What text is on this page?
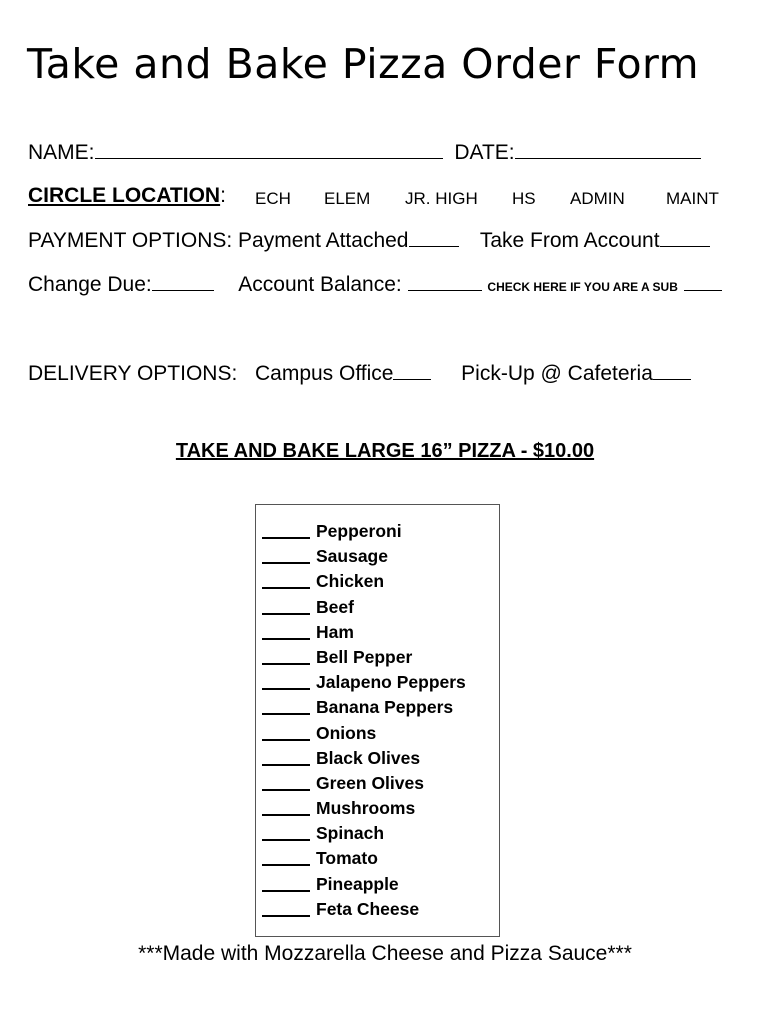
Take and Bake Pizza Order Form
NAME:	DATE:
CIRCLE LOCATION: ECH ELEM JR. HIGH HS ADMIN MAINT
PAYMENT OPTIONS: Payment Attached	Take From Account
Change Due:	Account Balance:	CHECK HERE IF YOU ARE A SUB
DELIVERY OPTIONS: Campus Office	Pick-Up @ Cafeteria
TAKE AND BAKE LARGE 16” PIZZA - $10.00
Pepperoni
Sausage
Chicken
Beef
Ham
Bell Pepper
Jalapeno Peppers
Banana Peppers
Onions
Black Olives
Green Olives
Mushrooms
Spinach
Tomato
Pineapple
Feta Cheese
***Made with Mozzarella Cheese and Pizza Sauce***
